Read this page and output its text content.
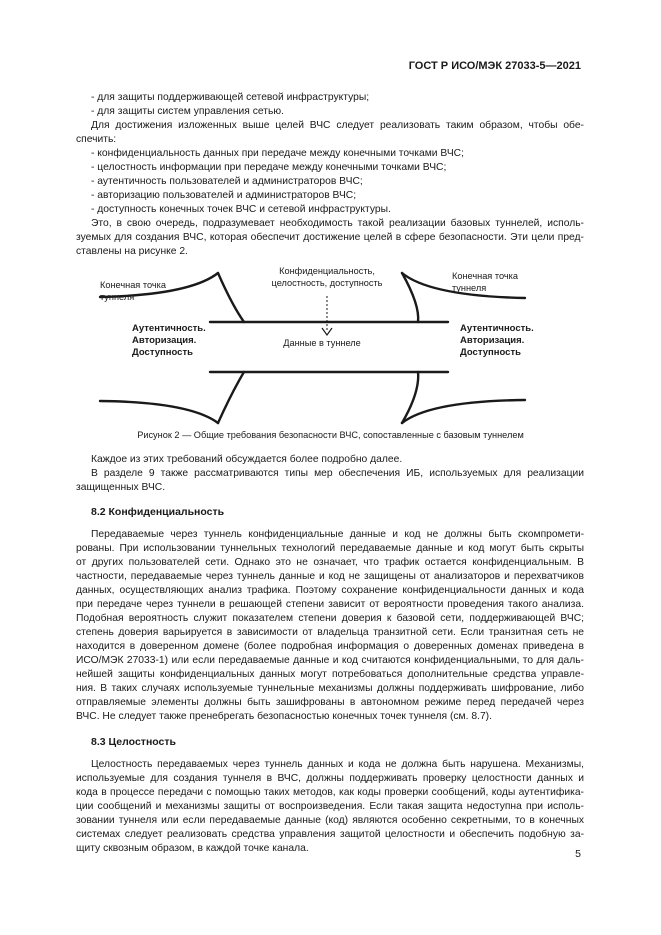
ГОСТ Р ИСО/МЭК 27033-5—2021
- для защиты поддерживающей сетевой инфраструктуры;
- для защиты систем управления сетью.
Для достижения изложенных выше целей ВЧС следует реализовать таким образом, чтобы обе-
спечить:
- конфиденциальность данных при передаче между конечными точками ВЧС;
- целостность информации при передаче между конечными точками ВЧС;
- аутентичность пользователей и администраторов ВЧС;
- авторизацию пользователей и администраторов ВЧС;
- доступность конечных точек ВЧС и сетевой инфраструктуры.
Это, в свою очередь, подразумевает необходимость такой реализации базовых туннелей, исполь-
зуемых для создания ВЧС, которая обеспечит достижение целей в сфере безопасности. Эти цели пред-
ставлены на рисунке 2.
Конфиденциальность,
целостность, доступность
Конечная точка
туннеля
Конечная точка
туннеля
Аутентичность.
Авторизация.
Доступность
Аутентичность.
Авторизация.
Доступность
Данные в туннеле
Рисунок 2 — Общие требования безопасности ВЧС, сопоставленные с базовым туннелем
Каждое из этих требований обсуждается более подробно далее.
В разделе 9 также рассматриваются типы мер обеспечения ИБ, используемых для реализации
защищенных ВЧС.
8.2 Конфиденциальность
Передаваемые через туннель конфиденциальные данные и код не должны быть скомпромети-
рованы. При использовании туннельных технологий передаваемые данные и код могут быть скрыты
от других пользователей сети. Однако это не означает, что трафик остается конфиденциальным. В
частности, передаваемые через туннель данные и код не защищены от анализаторов и перехватчиков
данных, осуществляющих анализ трафика. Поэтому сохранение конфиденциальности данных и кода
при передаче через туннели в решающей степени зависит от вероятности проведения такого анализа.
Подобная вероятность служит показателем степени доверия к базовой сети, поддерживающей ВЧС;
степень доверия варьируется в зависимости от владельца транзитной сети. Если транзитная сеть не
находится в доверенном домене (более подробная информация о доверенных доменах приведена в
ИСО/МЭК 27033-1) или если передаваемые данные и код считаются конфиденциальными, то для даль-
нейшей защиты конфиденциальных данных могут потребоваться дополнительные средства управле-
ния. В таких случаях используемые туннельные механизмы должны поддерживать шифрование, либо
отправляемые элементы должны быть зашифрованы в автономном режиме перед передачей через
ВЧС. Не следует также пренебрегать безопасностью конечных точек туннеля (см. 8.7).
8.3 Целостность
Целостность передаваемых через туннель данных и кода не должна быть нарушена. Механизмы,
используемые для создания туннеля в ВЧС, должны поддерживать проверку целостности данных и
кода в процессе передачи с помощью таких методов, как коды проверки сообщений, коды аутентифика-
ции сообщений и механизмы защиты от воспроизведения. Если такая защита недоступна при исполь-
зовании туннеля или если передаваемые данные (код) являются особенно секретными, то в конечных
системах следует реализовать средства управления защитой целостности и обеспечить подобную за-
щиту сквозным образом, в каждой точке канала.	5
